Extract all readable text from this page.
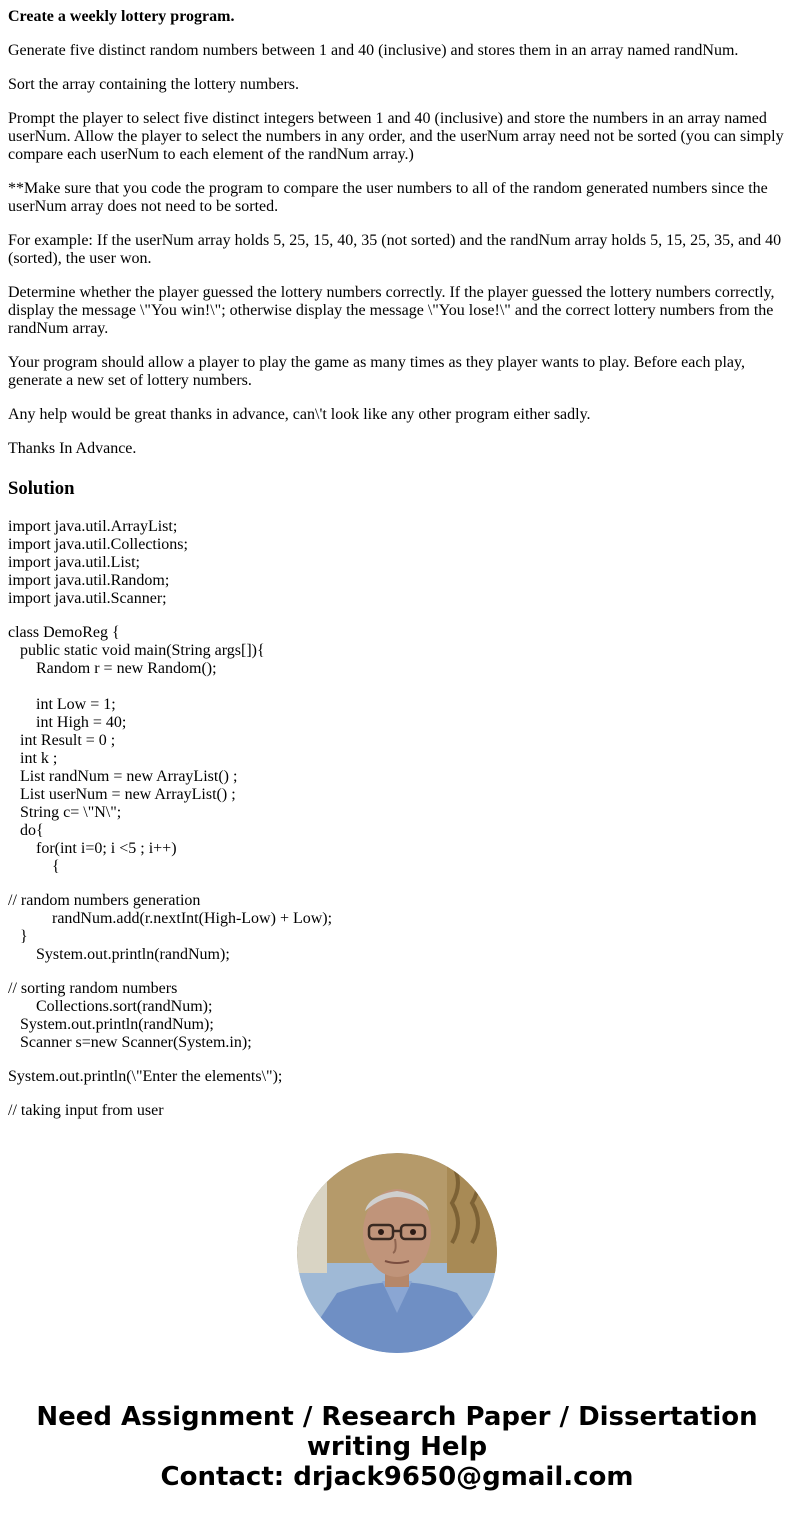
Create a weekly lottery program.

Generate five distinct random numbers between 1 and 40 (inclusive) and stores them in an array named randNum.

Sort the array containing the lottery numbers.

Prompt the player to select five distinct integers between 1 and 40 (inclusive) and store the numbers in an array named userNum. Allow the player to select the numbers in any order, and the userNum array need not be sorted (you can simply compare each userNum to each element of the randNum array.)

**Make sure that you code the program to compare the user numbers to all of the random generated numbers since the userNum array does not need to be sorted.

For example: If the userNum array holds 5, 25, 15, 40, 35 (not sorted) and the randNum array holds 5, 15, 25, 35, and 40 (sorted), the user won.

Determine whether the player guessed the lottery numbers correctly. If the player guessed the lottery numbers correctly, display the message \"You win!\"; otherwise display the message \"You lose!\" and the correct lottery numbers from the randNum array.

Your program should allow a player to play the game as many times as they player wants to play. Before each play, generate a new set of lottery numbers.

Any help would be great thanks in advance, can\'t look like any other program either sadly.

Thanks In Advance.

Solution

import java.util.ArrayList;
import java.util.Collections;
import java.util.List;
import java.util.Random;
import java.util.Scanner;

class DemoReg {
public static void main(String args[]){
Random r = new Random();

int Low = 1;
int High = 40;
int Result = 0 ;
int k ;
List randNum = new ArrayList() ;
List userNum = new ArrayList() ;
String c= \"N\";
do{
for(int i=0; i <5 ; i++)
{

// random numbers generation
randNum.add(r.nextInt(High-Low) + Low);
}
System.out.println(randNum);

// sorting random numbers
Collections.sort(randNum);
System.out.println(randNum);
Scanner s=new Scanner(System.in);

System.out.println(\"Enter the elements\");

// taking input from user

Need Assignment / Research Paper / Dissertation
writing Help
Contact: drjack9650@gmail.com
